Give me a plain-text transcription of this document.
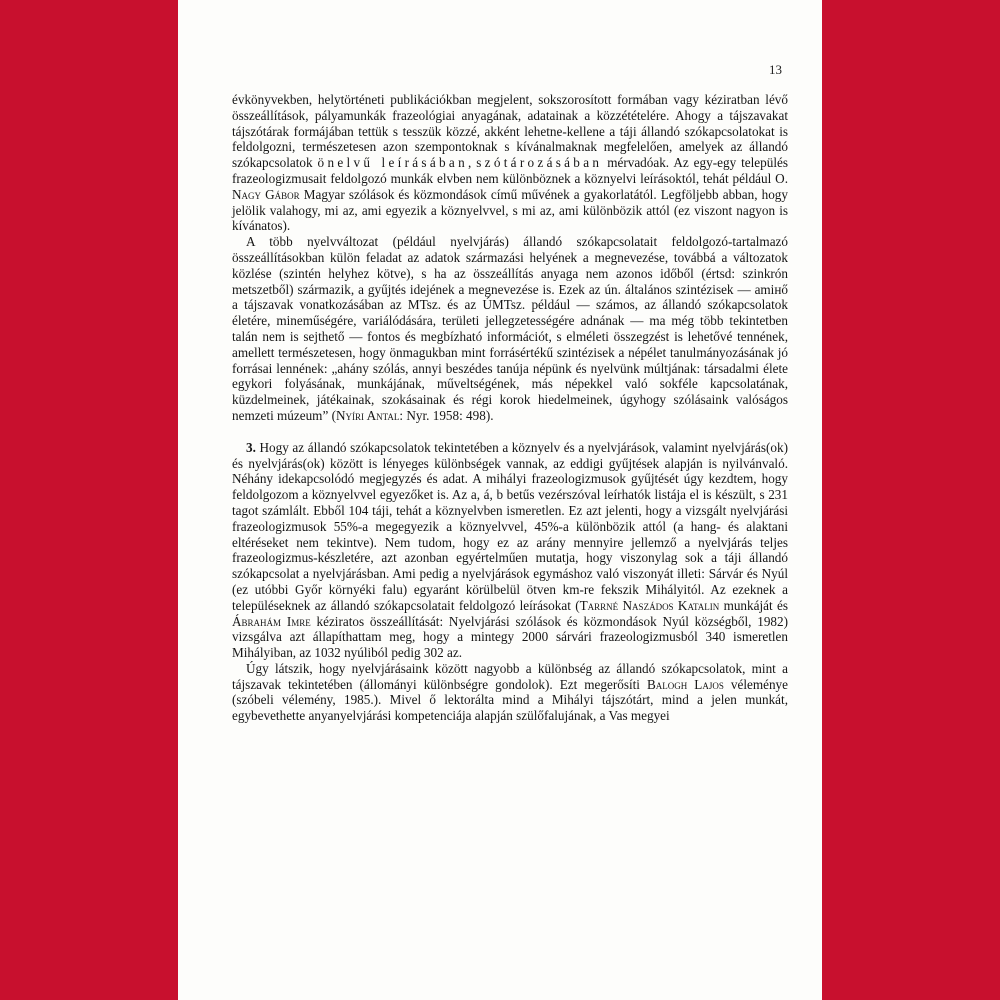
13

évkönyvekben, helytörténeti publikációkban megjelent, sokszorosított formában vagy kéziratban lévő összeállítások, pályamunkák frazeológiai anyagának, adatainak a közzétételére. Ahogy a tájszavakat tájszótárak formájában tettük s tesszük közzé, akként lehetne-kellene a táji állandó szókapcsolatokat is feldolgozni, természetesen azon szempontoknak s kívánalmaknak megfelelően, amelyek az állandó szókapcsolatok önelvű leírásában, szótározásában mérvadóak. Az egy-egy település frazeologizmusait feldolgozó munkák elvben nem különböznek a köznyelvi leírásoktól, tehát például O. Nagy Gábor Magyar szólások és közmondások című művének a gyakorlatától. Legföljebb abban, hogy jelölik valahogy, mi az, ami egyezik a köznyelvvel, s mi az, ami különbözik attól (ez viszont nagyon is kívánatos).

A több nyelvváltozat (például nyelvjárás) állandó szókapcsolatait feldolgozó-tartalmazó összeállításokban külön feladat az adatok származási helyének a megnevezése, továbbá a változatok közlése (szintén helyhez kötve), s ha az összeállítás anyaga nem azonos időből (értsd: szinkrón metszetből) származik, a gyűjtés idejének a megnevezése is. Ezek az ún. általános szintézisek — amiнő a tájszavak vonatkozásában az MTsz. és az ÚMTsz. például — számos, az állandó szókapcsolatok életére, mineműségére, variálódására, területi jellegzetességére adnának — ma még több tekintetben talán nem is sejthető — fontos és megbízható információt, s elméleti összegzést is lehetővé tennének, amellett természetesen, hogy önmagukban mint forrásértékű szintézisek a népélet tanulmányozásának jó forrásai lennének: „ahány szólás, annyi beszédes tanúja népünk és nyelvünk múltjának: társadalmi élete egykori folyásának, munkájának, műveltségének, más népekkel való sokféle kapcsolatának, küzdelmeinek, játékainak, szokásainak és régi korok hiedelmeinek, úgyhogy szólásaink valóságos nemzeti múzeum” (Nyíri Antal: Nyr. 1958: 498).

3. Hogy az állandó szókapcsolatok tekintetében a köznyelv és a nyelvjárások, valamint nyelvjárás(ok) és nyelvjárás(ok) között is lényeges különbségek vannak, az eddigi gyűjtések alapján is nyilvánvaló. Néhány idekapcsolódó megjegyzés és adat. A mihályi frazeologizmusok gyűjtését úgy kezdtem, hogy feldolgozom a köznyelvvel egyezőket is. Az a, á, b betűs vezérszóval leírhatók listája el is készült, s 231 tagot számlált. Ebből 104 táji, tehát a köznyelvben ismeretlen. Ez azt jelenti, hogy a vizsgált nyelvjárási frazeologizmusok 55%-a megegyezik a köznyelvvel, 45%-a különbözik attól (a hang- és alaktani eltéréseket nem tekintve). Nem tudom, hogy ez az arány mennyire jellemző a nyelvjárás teljes frazeologizmus-készletére, azt azonban egyértelműen mutatja, hogy viszonylag sok a táji állandó szókapcsolat a nyelvjárásban. Ami pedig a nyelvjárások egymáshoz való viszonyát illeti: Sárvár és Nyúl (ez utóbbi Győr környéki falu) egyaránt körülbelül ötven km-re fekszik Mihályitól. Az ezeknek a településeknek az állandó szókapcsolatait feldolgozó leírásokat (Tarrné Naszádos Katalin munkáját és Ábrahám Imre kéziratos összeállítását: Nyelvjárási szólások és közmondások Nyúl községből, 1982) vizsgálva azt állapíthattam meg, hogy a mintegy 2000 sárvári frazeologizmusból 340 ismeretlen Mihályiban, az 1032 nyúliból pedig 302 az.

Úgy látszik, hogy nyelvjárásaink között nagyobb a különbség az állandó szókapcsolatok, mint a tájszavak tekintetében (állományi különbségre gondolok). Ezt megerősíti Balogh Lajos véleménye (szóbeli vélemény, 1985.). Mivel ő lektorálta mind a Mihályi tájszótárt, mind a jelen munkát, egybevethette anyanyelvjárási kompetenciája alapján szülőfalujának, a Vas megyei
